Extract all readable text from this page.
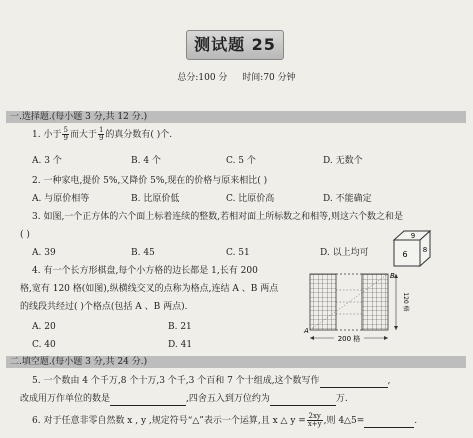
测试题 25
总分:100 分 时间:70 分钟
一.选择题.(每小题 3 分,共 12 分.)
1. 小于 $\frac{5}{9}$ 而大于 $\frac{1}{9}$ 的真分数有( )个.
A. 3 个	B. 4 个	C. 5 个	D. 无数个
2. 一种家电,提价 5%,又降价 5%,现在的价格与原来相比( )
A. 与原价相等	B. 比原价低	C. 比原价高	D. 不能确定
3. 如图,一个正方体的六个面上标着连续的整数,若相对面上所标数之和相等,则这六个数之和是
( )
A. 39	B. 45	C. 51	D. 以上均可	6
9
8
4. 有一个长方形棋盘,每个小方格的边长都是 1,长有 200
格,宽有 120 格(如图),纵横线交叉的点称为格点,连结 A 、B 两点
的线段共经过( )个格点(包括 A 、B 两点).
A. 20	B. 21
C. 40	D. 41
200 格
120 格
A
B
二.填空题.(每小题 3 分,共 24 分.)
5. 一个数由 4 个千万,8 个十万,3 个千,3 个百和 7 个十组成,这个数写作	,
改成用万作单位的数是	,四舍五入到万位约为	万.
6. 对于任意非零自然数 x , y ,规定符号“△”表示一个运算,且 x △ $y = \frac{2xy}{x+y}$ ,则 4△5=	.
